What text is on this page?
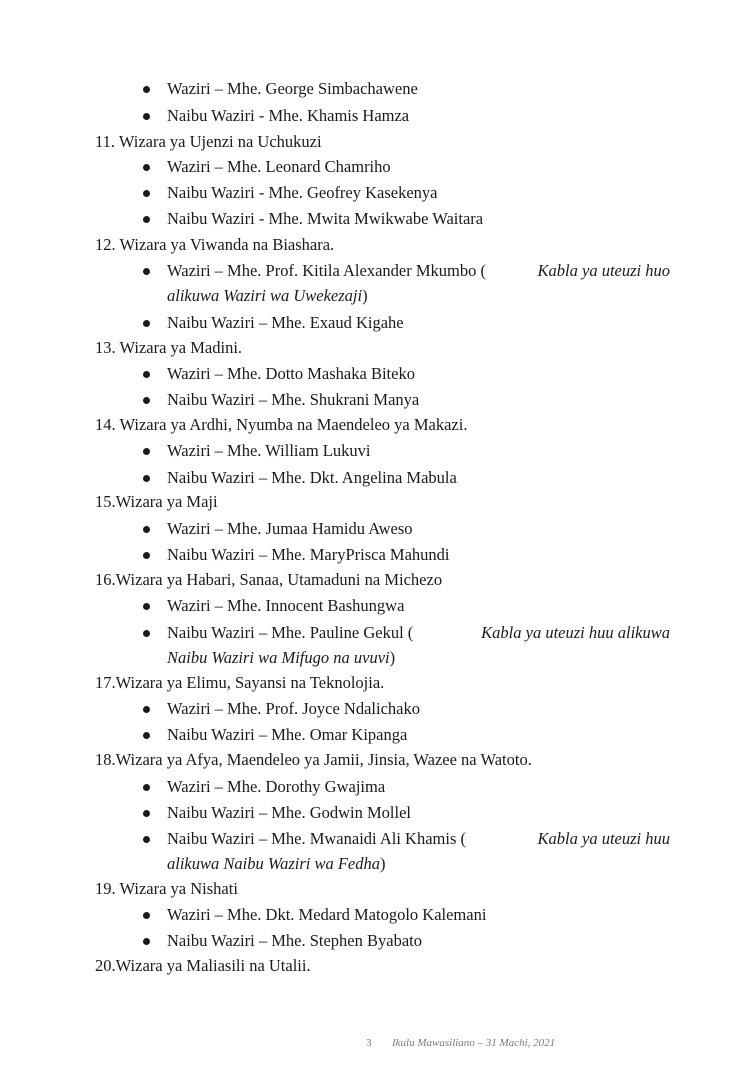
Waziri – Mhe. George Simbachawene
Naibu Waziri - Mhe. Khamis Hamza
11. Wizara ya Ujenzi na Uchukuzi
Waziri – Mhe. Leonard Chamriho
Naibu Waziri - Mhe. Geofrey Kasekenya
Naibu Waziri - Mhe. Mwita Mwikwabe Waitara
12. Wizara ya Viwanda na Biashara.
Waziri – Mhe. Prof. Kitila Alexander Mkumbo (	Kabla ya uteuzi huo
alikuwa Waziri wa Uwekezaji)
Naibu Waziri – Mhe. Exaud Kigahe
13. Wizara ya Madini.
Waziri – Mhe. Dotto Mashaka Biteko
Naibu Waziri – Mhe. Shukrani Manya
14. Wizara ya Ardhi, Nyumba na Maendeleo ya Makazi.
Waziri – Mhe. William Lukuvi
Naibu Waziri – Mhe. Dkt. Angelina Mabula
15.Wizara ya Maji
Waziri – Mhe. Jumaa Hamidu Aweso
Naibu Waziri – Mhe. MaryPrisca Mahundi
16.Wizara ya Habari, Sanaa, Utamaduni na Michezo
Waziri – Mhe. Innocent Bashungwa
Naibu Waziri – Mhe. Pauline Gekul (	Kabla ya uteuzi huu alikuwa
Naibu Waziri wa Mifugo na uvuvi)
17.Wizara ya Elimu, Sayansi na Teknolojia.
Waziri – Mhe. Prof. Joyce Ndalichako
Naibu Waziri – Mhe. Omar Kipanga
18.Wizara ya Afya, Maendeleo ya Jamii, Jinsia, Wazee na Watoto.
Waziri – Mhe. Dorothy Gwajima
Naibu Waziri – Mhe. Godwin Mollel
Naibu Waziri – Mhe. Mwanaidi Ali Khamis (	Kabla ya uteuzi huu
alikuwa Naibu Waziri wa Fedha)
19. Wizara ya Nishati
Waziri – Mhe. Dkt. Medard Matogolo Kalemani
Naibu Waziri – Mhe. Stephen Byabato
20.Wizara ya Maliasili na Utalii.
3 Ikulu Mawasiliano – 31 Machi, 2021
